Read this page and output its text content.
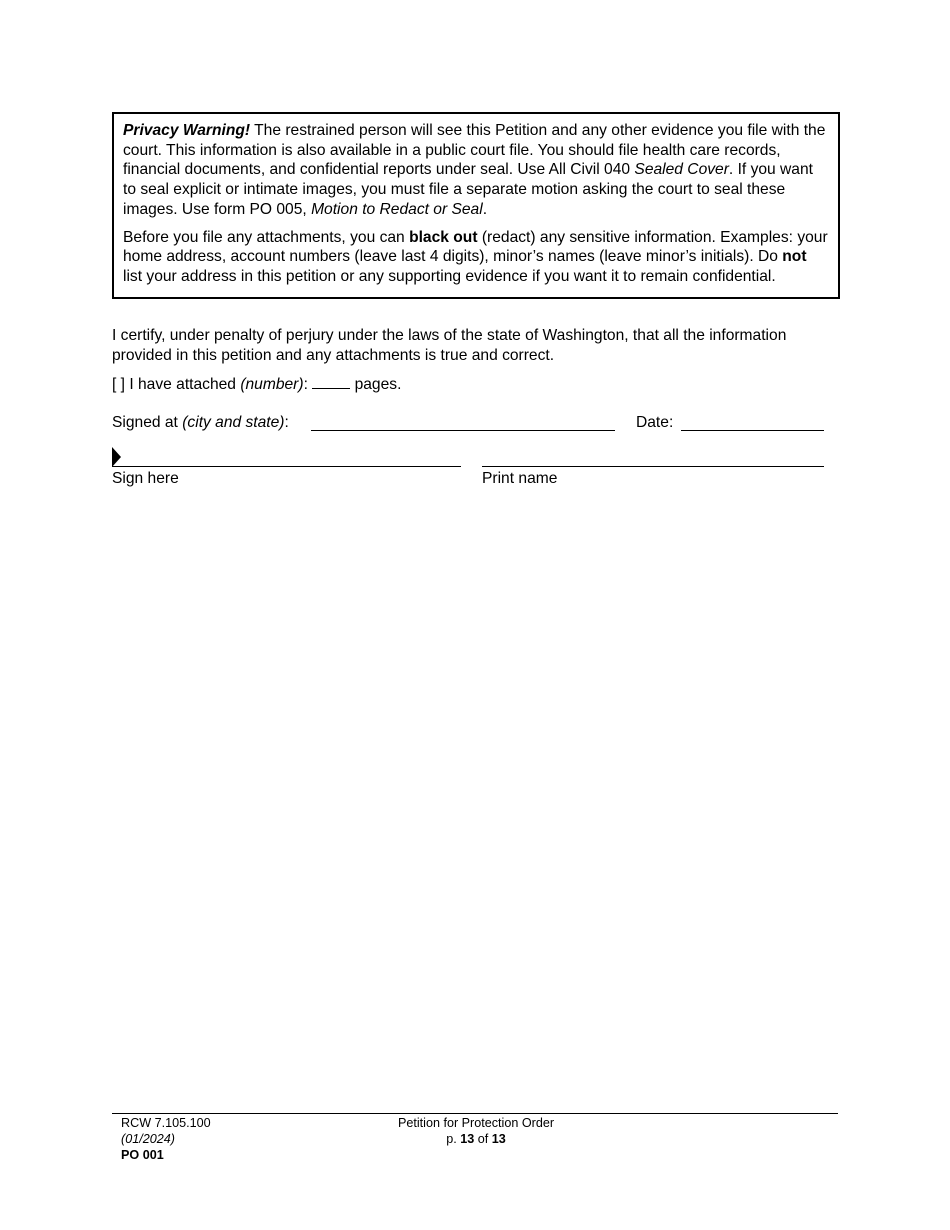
Privacy Warning! The restrained person will see this Petition and any other evidence you file with the court. This information is also available in a public court file. You should file health care records, financial documents, and confidential reports under seal. Use All Civil 040 Sealed Cover. If you want to seal explicit or intimate images, you must file a separate motion asking the court to seal these images. Use form PO 005, Motion to Redact or Seal.

Before you file any attachments, you can black out (redact) any sensitive information. Examples: your home address, account numbers (leave last 4 digits), minor’s names (leave minor’s initials). Do not list your address in this petition or any supporting evidence if you want it to remain confidential.

I certify, under penalty of perjury under the laws of the state of Washington, that all the information provided in this petition and any attachments is true and correct.

[ ] I have attached (number):  pages.
Signed at (city and state):	Date:
Sign here	Print name
RCW 7.105.100
(01/2024)
PO 001
Petition for Protection Order
p. 13 of 13
